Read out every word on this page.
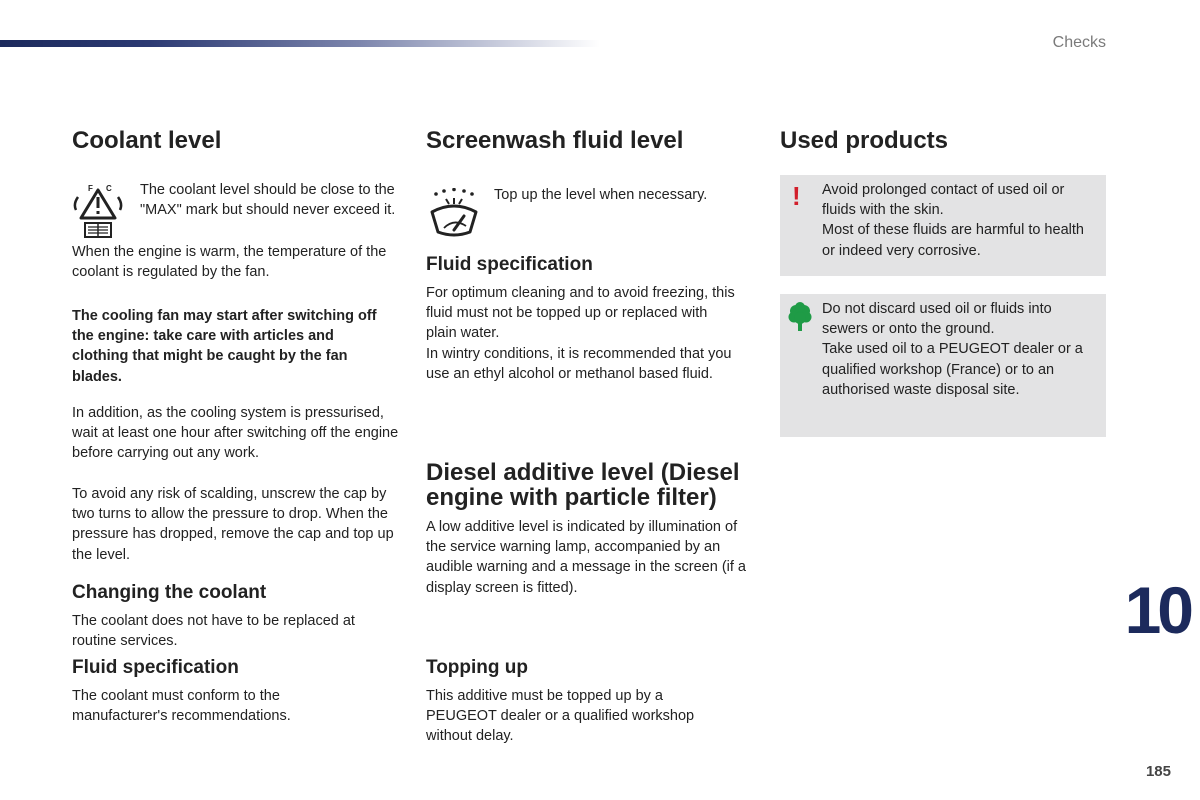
Checks
10
185
Coolant level
F C The coolant level should be close to the "MAX" mark but should never exceed it.

When the engine is warm, the temperature of the coolant is regulated by the fan.

The cooling fan may start after switching off the engine: take care with articles and clothing that might be caught by the fan blades.

In addition, as the cooling system is pressurised, wait at least one hour after switching off the engine before carrying out any work.

To avoid any risk of scalding, unscrew the cap by two turns to allow the pressure to drop. When the pressure has dropped, remove the cap and top up the level.

Changing the coolant

The coolant does not have to be replaced at routine services.

Fluid specification

The coolant must conform to the manufacturer's recommendations.

Screenwash fluid level

Top up the level when necessary.

Fluid specification

For optimum cleaning and to avoid freezing, this fluid must not be topped up or replaced with plain water.

In wintry conditions, it is recommended that you use an ethyl alcohol or methanol based fluid.

Diesel additive level (Diesel engine with particle filter)

A low additive level is indicated by illumination of the service warning lamp, accompanied by an audible warning and a message in the screen (if a display screen is fitted).

Topping up

This additive must be topped up by a PEUGEOT dealer or a qualified workshop without delay.

Used products
! Avoid prolonged contact of used oil or fluids with the skin.

Most of these fluids are harmful to health or indeed very corrosive.

Do not discard used oil or fluids into sewers or onto the ground.

Take used oil to a PEUGEOT dealer or a qualified workshop (France) or to an authorised waste disposal site.
